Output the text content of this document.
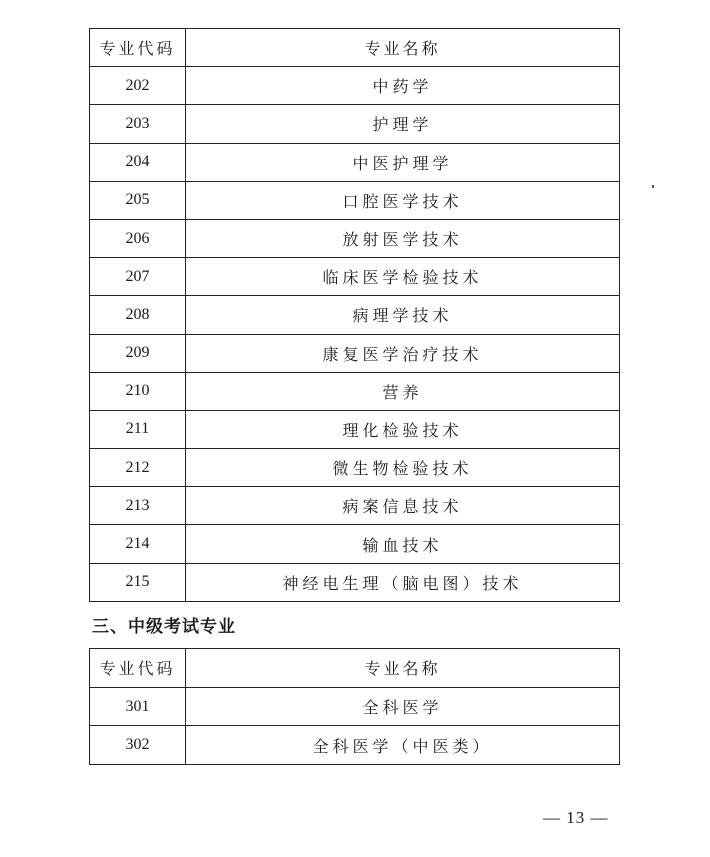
专业代码	专业名称
202	中药学
203	护理学
204	中医护理学
205	口腔医学技术
206	放射医学技术
207	临床医学检验技术
208	病理学技术
209	康复医学治疗技术
210	营养
211	理化检验技术
212	微生物检验技术
213	病案信息技术
214	输血技术
215	神经电生理（脑电图）技术
三、中级考试专业
专业代码	专业名称
301	全科医学
302	全科医学（中医类）
— 13 —
